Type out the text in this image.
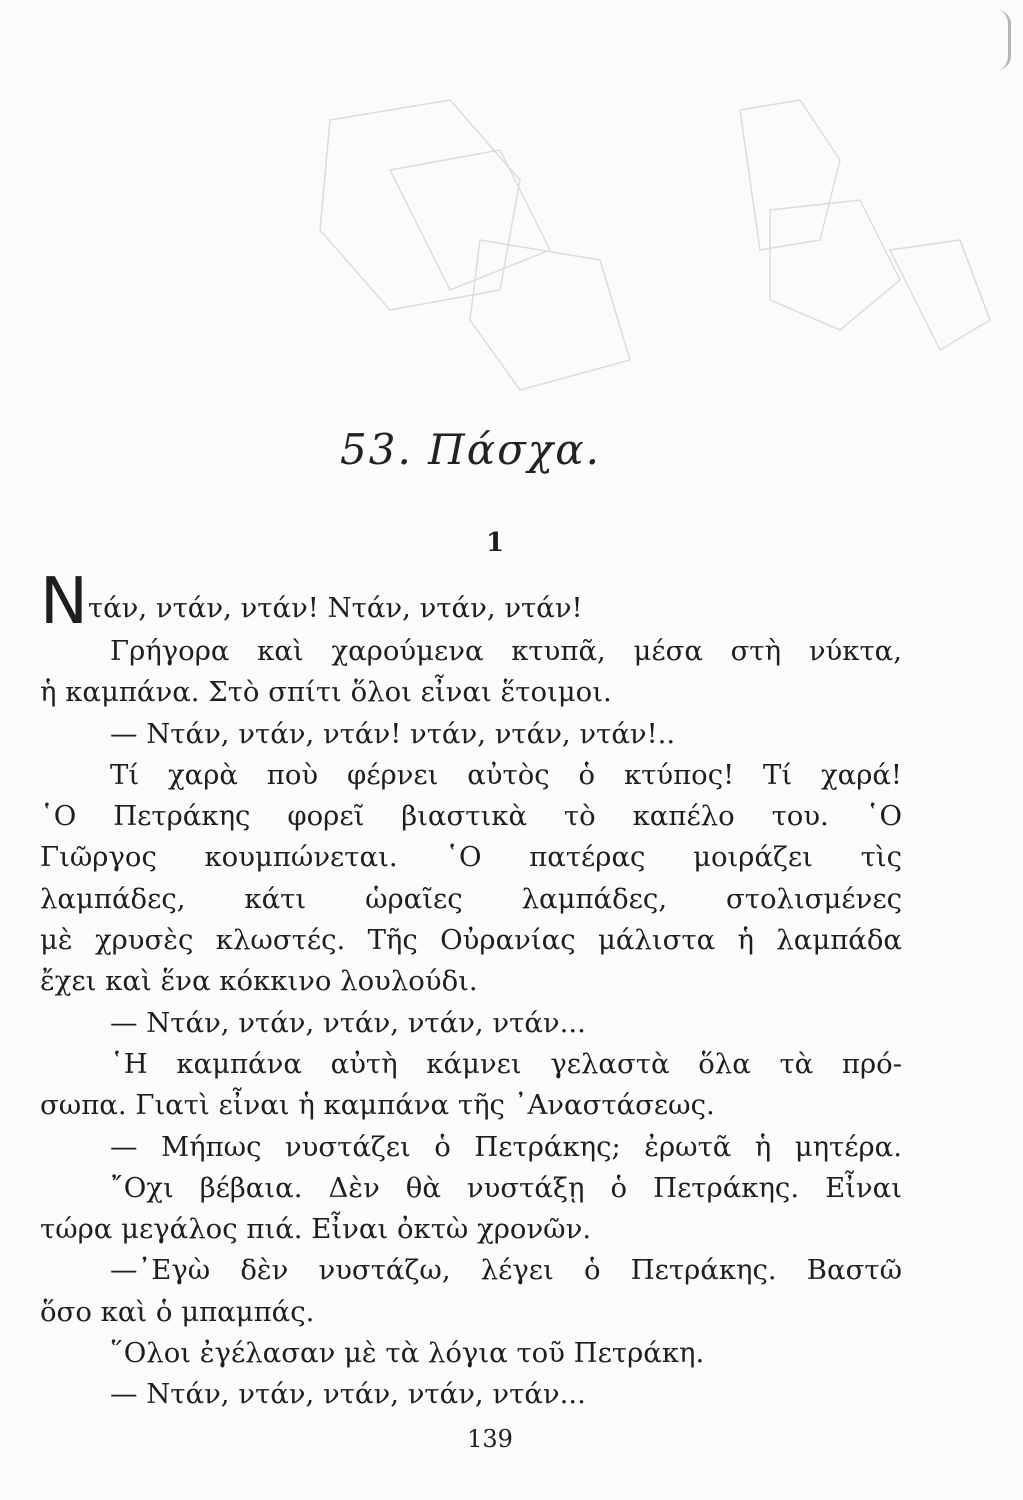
53. Πάσχα.
1
Ν τάν, ντάν, ντάν! Ντάν, ντάν, ντάν!
Γρήγορα καὶ χαρούμενα κτυπᾶ, μέσα στὴ νύκτα,
ἡ καμπάνα. Στὸ σπίτι ὅλοι εἶναι ἕτοιμοι.
— Ντάν, ντάν, ντάν! ντάν, ντάν, ντάν!..
Τί χαρὰ ποὺ φέρνει αὐτὸς ὁ κτύπος! Τί χαρά!
῾Ο Πετράκης φορεῖ βιαστικὰ τὸ καπέλο του. ῾Ο
Γιῶργος κουμπώνεται. ῾Ο πατέρας μοιράζει τὶς
λαμπάδες, κάτι ὡραῖες λαμπάδες, στολισμένες
μὲ χρυσὲς κλωστές. Τῆς Οὐρανίας μάλιστα ἡ λαμπάδα
ἔχει καὶ ἕνα κόκκινο λουλούδι.
— Ντάν, ντάν, ντάν, ντάν, ντάν...
῾Η καμπάνα αὐτὴ κάμνει γελαστὰ ὅλα τὰ πρό-
σωπα. Γιατὶ εἶναι ἡ καμπάνα τῆς ᾿Αναστάσεως.
— Μήπως νυστάζει ὁ Πετράκης; ἐρωτᾶ ἡ μητέρα.
῎Οχι βέβαια. Δὲν θὰ νυστάξῃ ὁ Πετράκης. Εἶναι
τώρα μεγάλος πιά. Εἶναι ὀκτὼ χρονῶν.
—᾿Εγὼ δὲν νυστάζω, λέγει ὁ Πετράκης. Βαστῶ
ὅσο καὶ ὁ μπαμπάς.
῞Ολοι ἐγέλασαν μὲ τὰ λόγια τοῦ Πετράκη.
— Ντάν, ντάν, ντάν, ντάν, ντάν...
139
